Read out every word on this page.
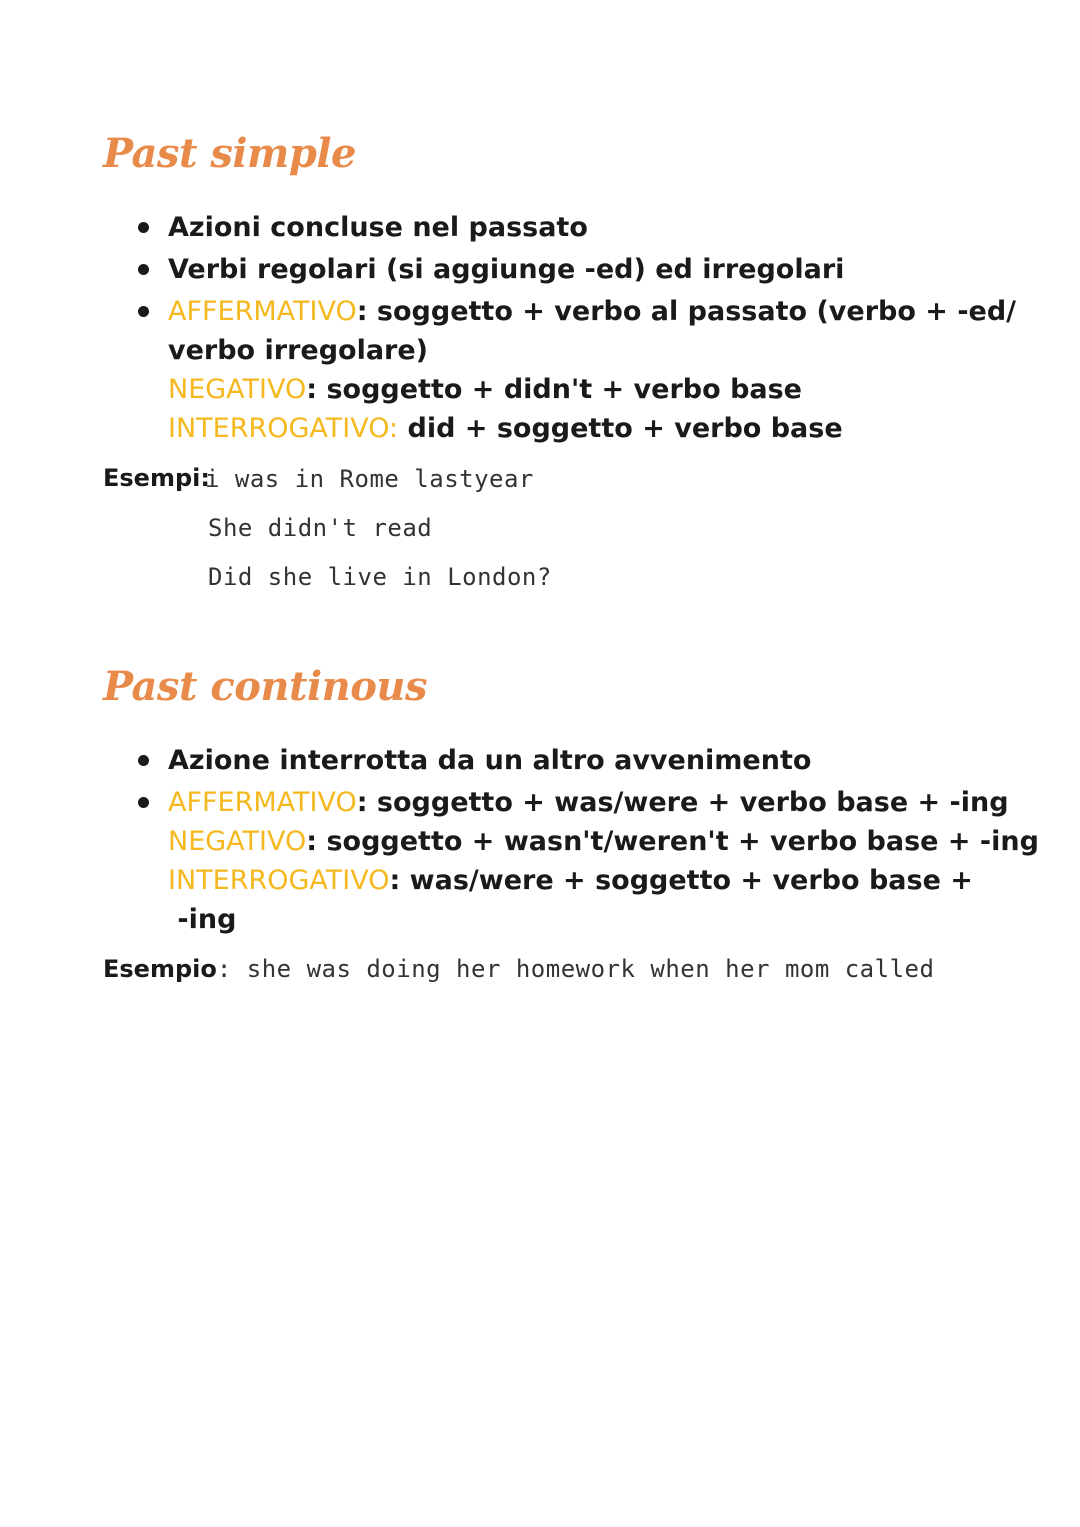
Past simple
Azioni concluse nel passato
Verbi regolari (si aggiunge -ed) ed irregolari
AFFERMATIVO: soggetto + verbo al passato (verbo + -ed/
verbo irregolare)
NEGATIVO: soggetto + didn't + verbo base
INTERROGATIVO: did + soggetto + verbo base
Esempi:
i was in Rome lastyear
She didn't read
Did she live in London?
Past continous
Azione interrotta da un altro avvenimento
AFFERMATIVO: soggetto + was/were + verbo base + -ing
NEGATIVO: soggetto + wasn't/weren't + verbo base + -ing
INTERROGATIVO: was/were + soggetto + verbo base +
-ing
Esempio: she was doing her homework when her mom called
